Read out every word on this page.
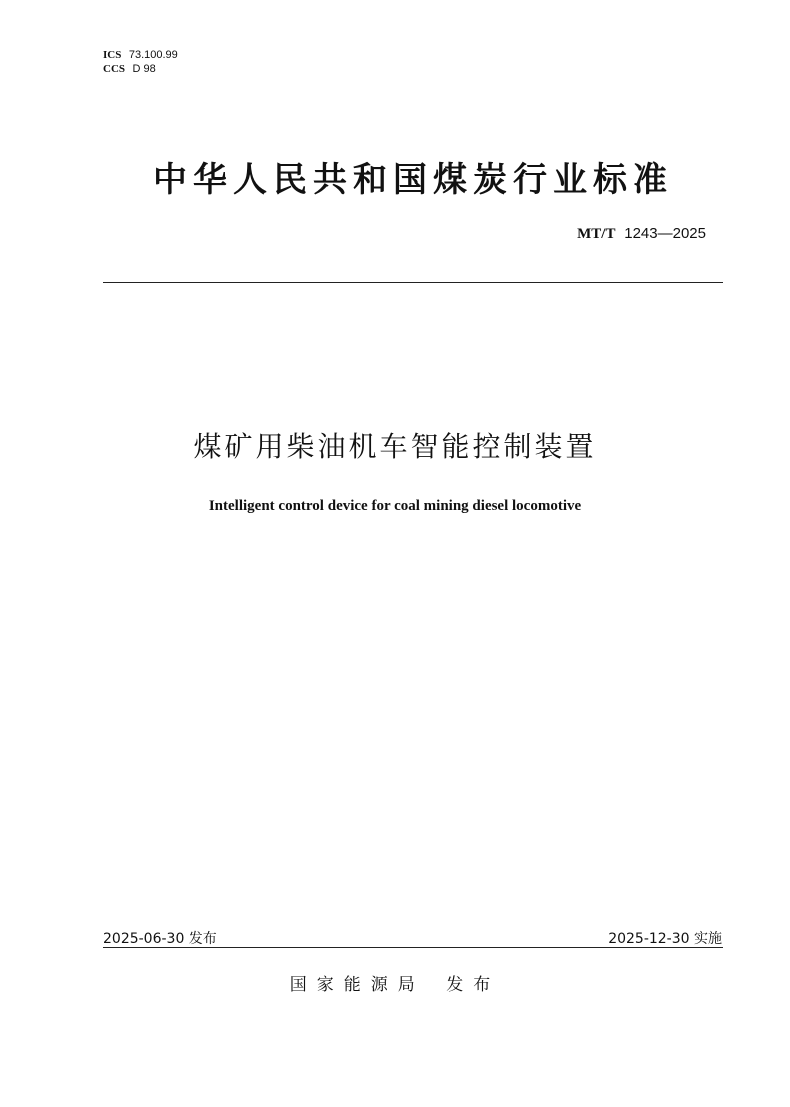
ICS 73.100.99
CCS D 98
中华人民共和国煤炭行业标准
MT/T 1243—2025
煤矿用柴油机车智能控制装置
Intelligent control device for coal mining diesel locomotive
2025-06-30 发布	2025-12-30 实施
国家能源局 发布
